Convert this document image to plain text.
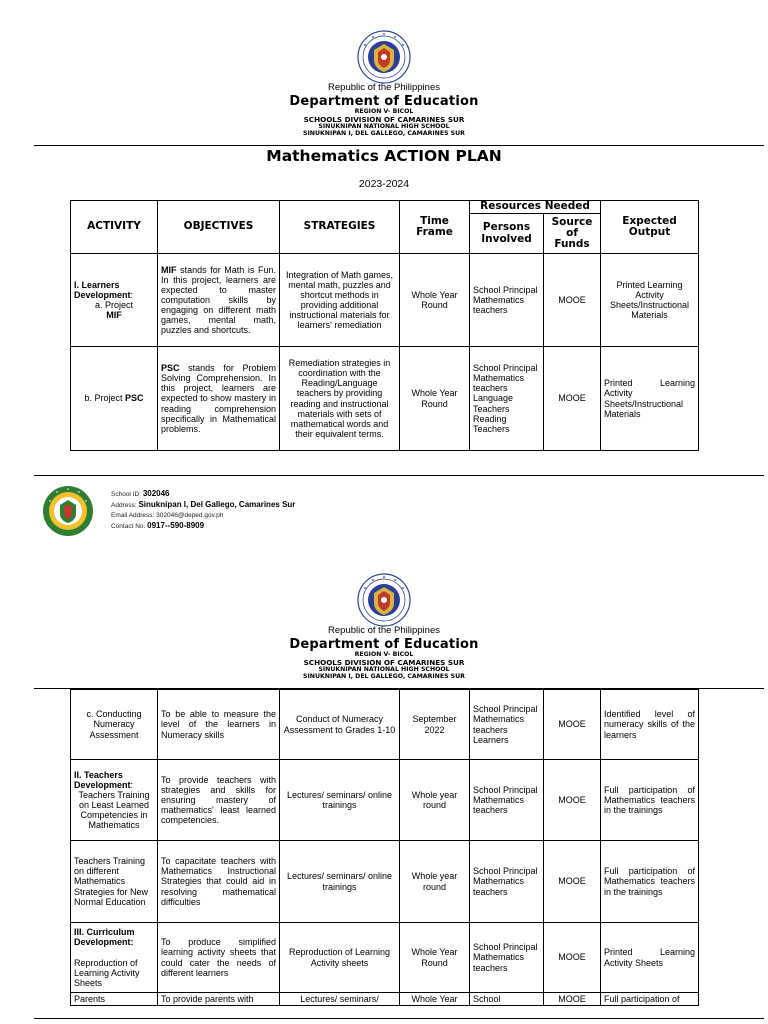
Republic of the Philippines
Department of Education
REGION V- BICOL
SCHOOLS DIVISION OF CAMARINES SUR
SINUKNIPAN NATIONAL HIGH SCHOOL
SINUKNIPAN I, DEL GALLEGO, CAMARINES SUR
Mathematics ACTION PLAN
2023-2024
ACTIVITY	OBJECTIVES	STRATEGIES	Time Frame	Resources Needed		Expected Output
				Persons Involved	Source of Funds	
I. Learners Development:
a. Project
MIF	MIF stands for Math is Fun. In this project, learners are expected to master computation skills by engaging on different math games, mental math, puzzles and shortcuts.	Integration of Math games, mental math, puzzles and shortcut methods in providing additional instructional materials for learners' remediation	Whole Year Round	School Principal Mathematics teachers	MOOE	Printed Learning Activity Sheets/Instructional Materials
b. Project PSC	PSC stands for Problem Solving Comprehension. In this project, learners are expected to show mastery in reading comprehension specifically in Mathematical problems.	Remediation strategies in coordination with the Reading/Language teachers by providing reading and instructional materials with sets of mathematical words and their equivalent terms.	Whole Year Round	School Principal Mathematics teachers Language Teachers Reading Teachers	MOOE	Printed Learning Activity Sheets/Instructional Materials
School ID: 302046
Address: Sinuknipan I, Del Gallego, Camarines Sur
Email Address: 302046@deped.gov.ph
Contact No. 0917--590-8909
Republic of the Philippines
Department of Education
REGION V- BICOL
SCHOOLS DIVISION OF CAMARINES SUR
SINUKNIPAN NATIONAL HIGH SCHOOL
SINUKNIPAN I, DEL GALLEGO, CAMARINES SUR
c. Conducting Numeracy Assessment	To be able to measure the level of the learners in Numeracy skills	Conduct of Numeracy Assessment to Grades 1-10	September 2022	School Principal Mathematics teachers Learners	MOOE	Identified level of numeracy skills of the learners

II. Teachers Development:
Teachers Training on Least Learned Competencies in Mathematics	To provide teachers with strategies and skills for ensuring mastery of mathematics' least learned competencies.	Lectures/ seminars/ online trainings	Whole year round	School Principal Mathematics teachers	MOOE	Full participation of Mathematics teachers in the trainings
Teachers Training on different Mathematics Strategies for New Normal Education	To capacitate teachers with Mathematics Instructional Strategies that could aid in resolving mathematical difficulties	Lectures/ seminars/ online trainings	Whole year round	School Principal Mathematics teachers	MOOE	Full participation of Mathematics teachers in the trainings
III. Curriculum Development:

Reproduction of Learning Activity Sheets	To produce simplified learning activity sheets that could cater the needs of different learners	Reproduction of Learning Activity sheets	Whole Year Round	School Principal Mathematics teachers	MOOE	Printed Learning Activity Sheets
Parents	To provide parents with	Lectures/ seminars/	Whole Year	School	MOOE	Full participation of
